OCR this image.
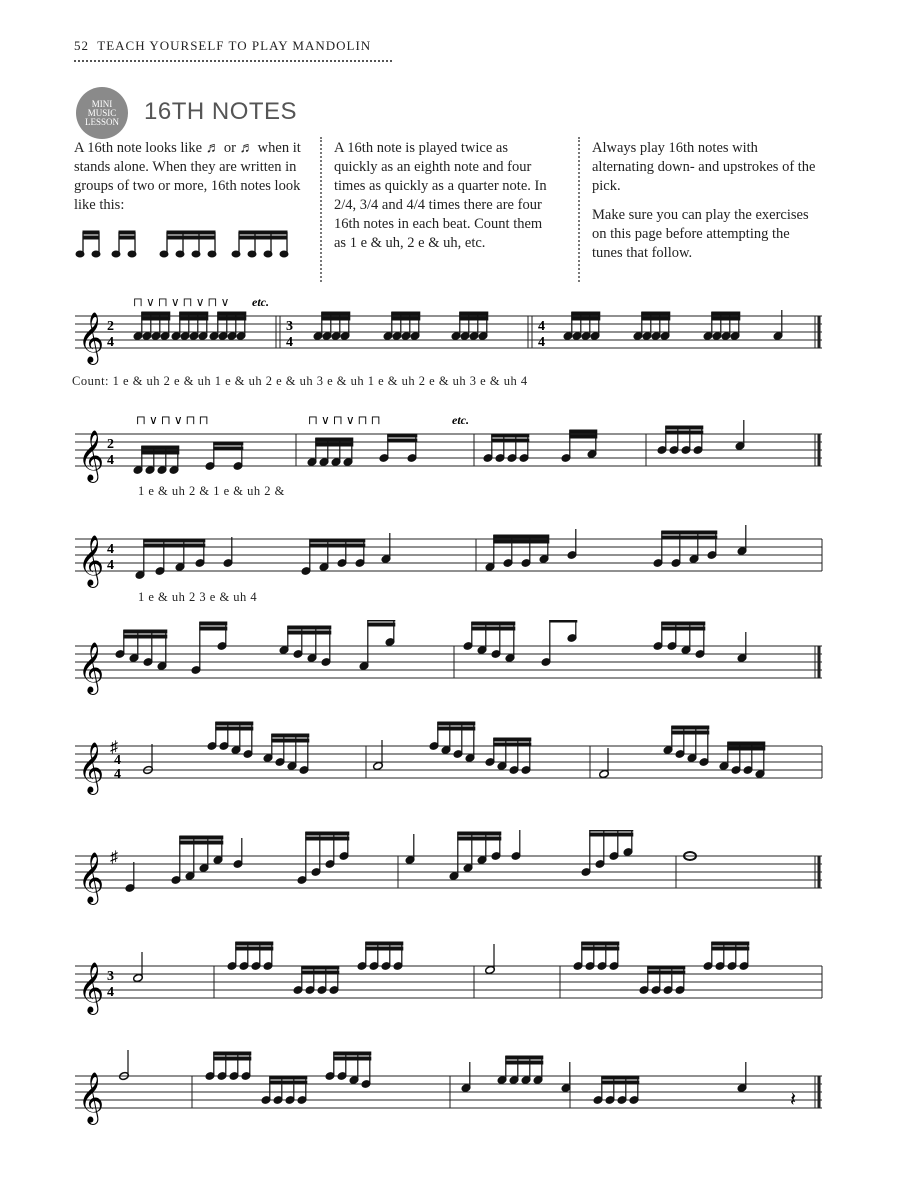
52 TEACH YOURSELF TO PLAY MANDOLIN
MINI
MUSIC
LESSON 16TH NOTES

A 16th note looks like ♬ or ♬ when it stands alone. When they are written in groups of two or more, 16th notes look like this:

A 16th note is played twice as quickly as an eighth note and four times as quickly as a quarter note. In 2/4, 3/4 and 4/4 times there are four 16th notes in each beat. Count them as 1 e & uh, 2 e & uh, etc.

Always play 16th notes with alternating down- and upstrokes of the pick.

Make sure you can play the exercises on this page before attempting the tunes that follow.

𝄞 2
4
3
4
4
4
⊓ ∨ ⊓ ∨ ⊓ ∨ ⊓ ∨ etc.
Count: 1 e & uh 2 e & uh 1 e & uh 2 e & uh 3 e & uh 1 e & uh 2 e & uh 3 e & uh 4
𝄞 2
4
⊓ ∨ ⊓ ∨ ⊓ ⊓	⊓ ∨ ⊓ ∨ ⊓ ⊓	etc.
1 e & uh 2 & 1 e & uh 2 &
𝄞 4
4
1 e & uh 2 3 e & uh 4
𝄞
𝄞 ♯
4
4
𝄞 ♯
𝄞 3
4
𝄞	𝄽
